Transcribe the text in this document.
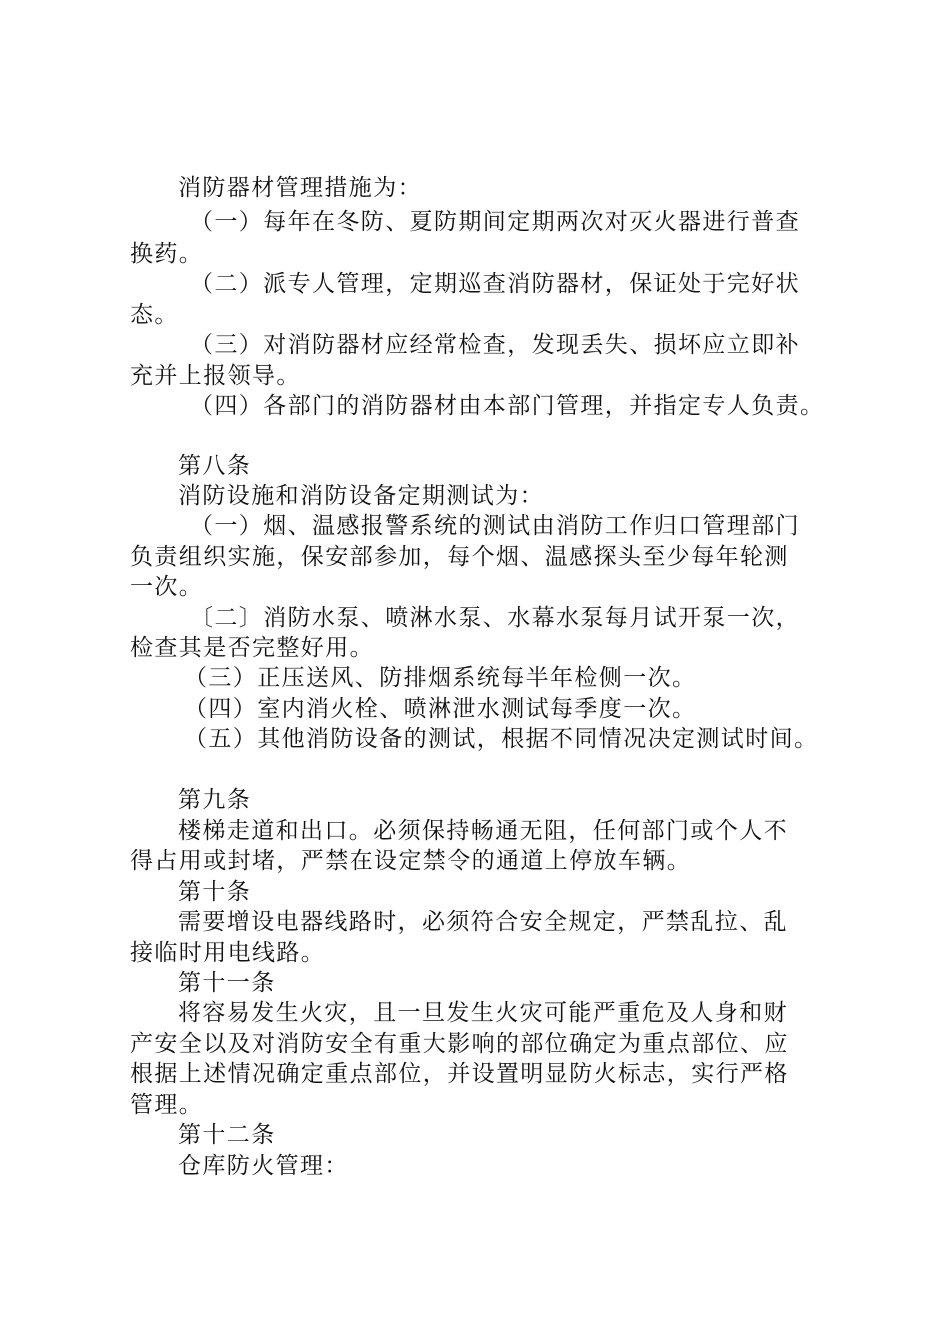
消防器材管理措施为：
（一）每年在冬防、夏防期间定期两次对灭火器进行普查
换药。
（二）派专人管理，定期巡查消防器材，保证处于完好状
态。
（三）对消防器材应经常检查，发现丢失、损坏应立即补
充并上报领导。
（四）各部门的消防器材由本部门管理，并指定专人负责。
第八条
消防设施和消防设备定期测试为：
（一）烟、温感报警系统的测试由消防工作归口管理部门
负责组织实施，保安部参加，每个烟、温感探头至少每年轮测
一次。
〔二〕消防水泵、喷淋水泵、水幕水泵每月试开泵一次，
检查其是否完整好用。
（三）正压送风、防排烟系统每半年检侧一次。
（四）室内消火栓、喷淋泄水测试每季度一次。
（五）其他消防设备的测试，根据不同情况决定测试时间。
第九条
楼梯走道和出口。必须保持畅通无阻，任何部门或个人不
得占用或封堵，严禁在设定禁令的通道上停放车辆。
第十条
需要增设电器线路时，必须符合安全规定，严禁乱拉、乱
接临时用电线路。
第十一条
将容易发生火灾，且一旦发生火灾可能严重危及人身和财
产安全以及对消防安全有重大影响的部位确定为重点部位、应
根据上述情况确定重点部位，并设置明显防火标志，实行严格
管理。
第十二条
仓库防火管理：
